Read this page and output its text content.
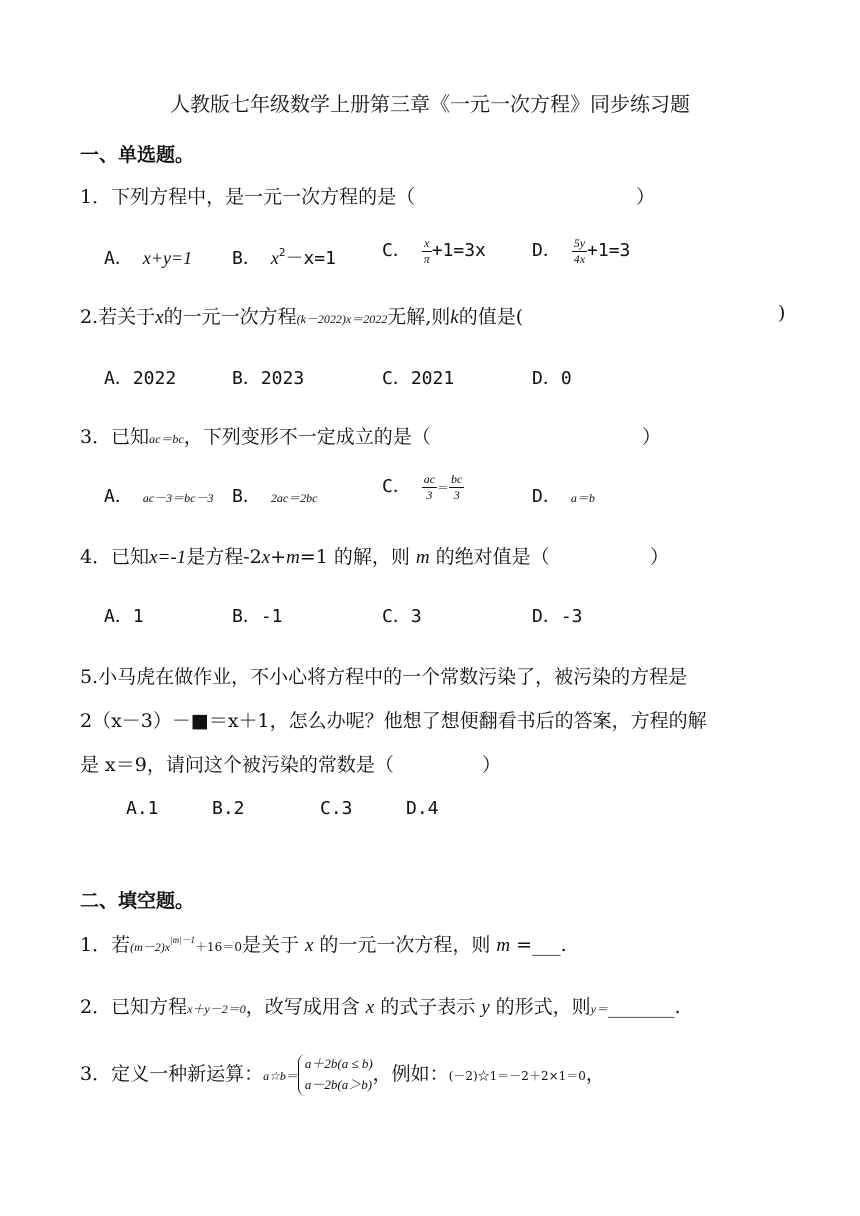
人教版七年级数学上册第三章《一元一次方程》同步练习题
一、单选题。
1．下列方程中，是一元一次方程的是（	）
A． x+y=1 B． $x^2-x=1$	C． $\frac{x}{\pi} +1=3x$	D． $\frac{5y}{4x} +1=3$
2.若关于x的一元一次方程(k－2022)x＝2022无解,则k的值是(	)
A．2022	B．2023	C．2021	D．0
3．已知ac＝bc，下列变形不一定成立的是（	）
A． ac－3＝bc－3 B． 2ac＝2bc
C． $\frac{ac}{3} = \frac{bc}{3}$	D． a＝b
4．已知x=-1是方程-2x+m=1 的解，则 m 的绝对值是（	）
A．1	B．-1	C．3	D．-3
5.小马虎在做作业，不小心将方程中的一个常数污染了，被污染的方程是
2（x－3）－■＝x＋1，怎么办呢？他想了想便翻看书后的答案，方程的解
是 x＝9，请问这个被污染的常数是（	）
A.1	B.2	C.3	D.4
二、填空题。
1．若$(m-2)x^{|m|-1}+16=0$是关于 x 的一元一次方程，则 m =___.
2．已知方程x＋y－2＝0，改写成用含 x 的式子表示 y 的形式，则y＝_______.
3．定义一种新运算：a☆b＝
a＋2b(a ≤ b)
a－2b(a＞b) ，例如：(－2)☆1＝－2＋2×1＝0，
